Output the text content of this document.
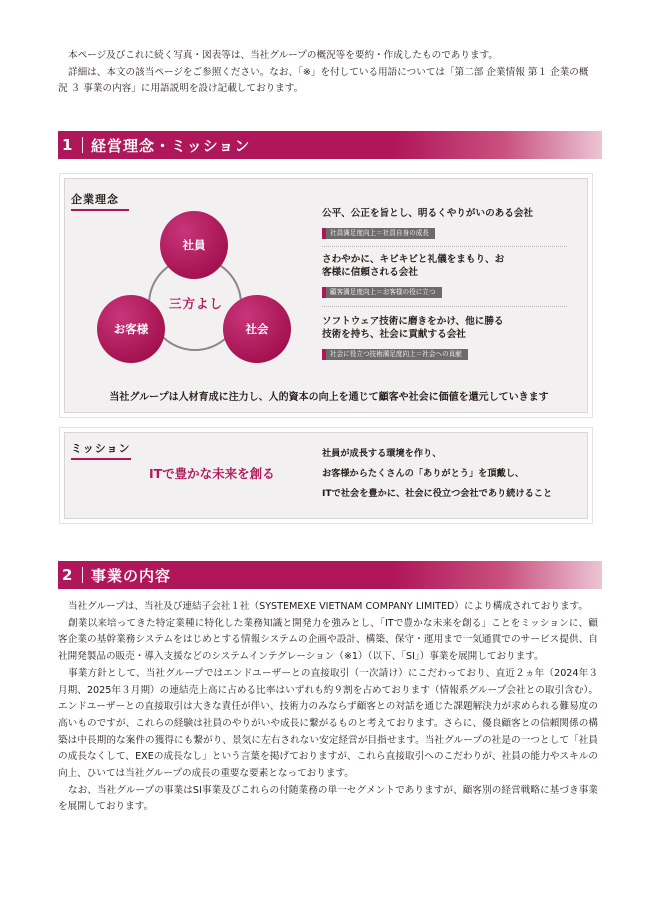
本ページ及びこれに続く写真・図表等は、当社グループの概況等を要約・作成したものであります。

詳細は、本文の該当ページをご参照ください。なお、「※」を付している用語については「第二部 企業情報 第１ 企業の概況 ３ 事業の内容」に用語説明を設け記載しております。

1 経営理念・ミッション
企業理念
社員
お客様	社会
三方よし
公平、公正を旨とし、明るくやりがいのある会社
社員満足度向上＝社員自身の成長
さわやかに、キビキビと礼儀をまもり、お客様に信頼される会社
顧客満足度向上＝お客様の役に立つ
ソフトウェア技術に磨きをかけ、他に勝る技術を持ち、社会に貢献する会社
社会に役立つ技術満足度向上＝社会への貢献
当社グループは人材育成に注力し、人的資本の向上を通じて顧客や社会に価値を還元していきます
ミッション
ITで豊かな未来を創る
社員が成長する環境を作り、
お客様からたくさんの「ありがとう」を頂戴し、
ITで社会を豊かに、社会に役立つ会社であり続けること
2 事業の内容

当社グループは、当社及び連結子会社１社（SYSTEMEXE VIETNAM COMPANY LIMITED）により構成されております。

創業以来培ってきた特定業種に特化した業務知識と開発力を強みとし、「ITで豊かな未来を創る」ことをミッションに、顧客企業の基幹業務システムをはじめとする情報システムの企画や設計、構築、保守・運用まで一気通貫でのサービス提供、自社開発製品の販売・導入支援などのシステムインテグレーション（※1）（以下、「SI」）事業を展開しております。

事業方針として、当社グループではエンドユーザーとの直接取引（一次請け）にこだわっており、直近２ヵ年（2024年３月期、2025年３月期）の連結売上高に占める比率はいずれも約９割を占めております（情報系グループ会社との取引含む）。エンドユーザーとの直接取引は大きな責任が伴い、技術力のみならず顧客との対話を通じた課題解決力が求められる難易度の高いものですが、これらの経験は社員のやりがいや成長に繋がるものと考えております。さらに、優良顧客との信頼関係の構築は中長期的な案件の獲得にも繋がり、景気に左右されない安定経営が目指せます。当社グループの社是の一つとして「社員の成長なくして、EXEの成長なし」という言葉を掲げておりますが、これら直接取引へのこだわりが、社員の能力やスキルの向上、ひいては当社グループの成長の重要な要素となっております。

なお、当社グループの事業はSI事業及びこれらの付随業務の単一セグメントでありますが、顧客別の経営戦略に基づき事業を展開しております。
